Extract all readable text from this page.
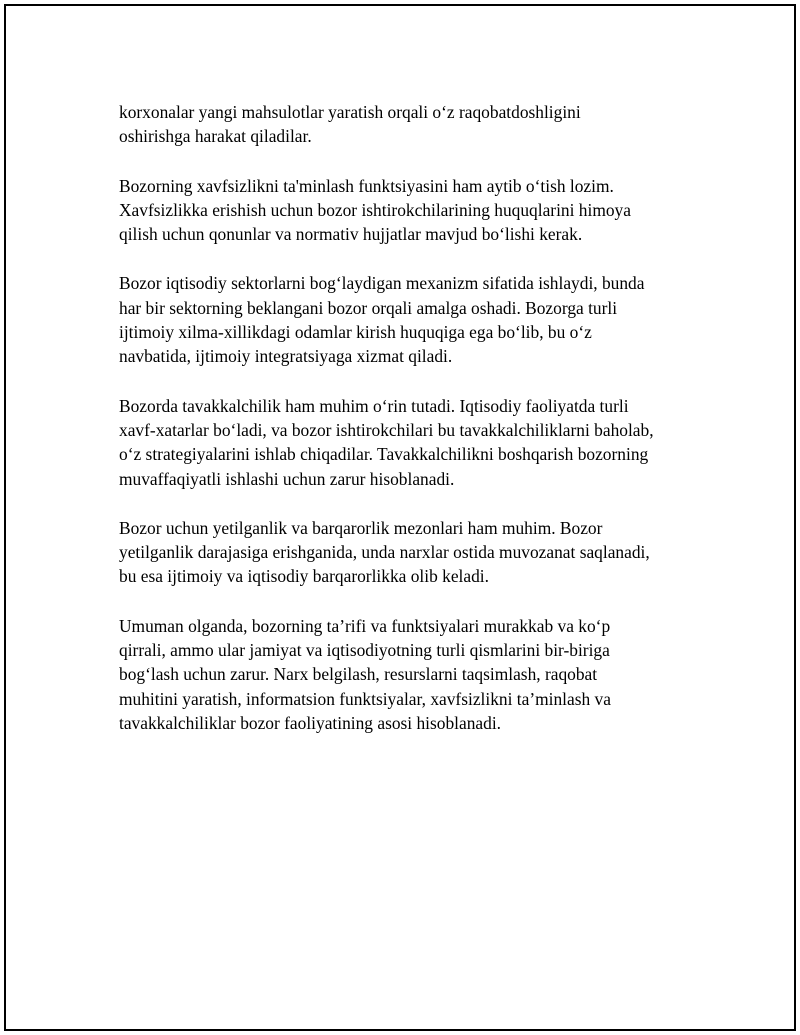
korxonalar yangi mahsulotlar yaratish orqali o‘z raqobatdoshligini
oshirishga harakat qiladilar.

Bozorning xavfsizlikni ta'minlash funktsiyasini ham aytib o‘tish lozim.
Xavfsizlikka erishish uchun bozor ishtirokchilarining huquqlarini himoya
qilish uchun qonunlar va normativ hujjatlar mavjud bo‘lishi kerak.

Bozor iqtisodiy sektorlarni bog‘laydigan mexanizm sifatida ishlaydi, bunda
har bir sektorning beklangani bozor orqali amalga oshadi. Bozorga turli
ijtimoiy xilma-xillikdagi odamlar kirish huquqiga ega bo‘lib, bu o‘z
navbatida, ijtimoiy integratsiyaga xizmat qiladi.

Bozorda tavakkalchilik ham muhim o‘rin tutadi. Iqtisodiy faoliyatda turli
xavf-xatarlar bo‘ladi, va bozor ishtirokchilari bu tavakkalchiliklarni baholab,
o‘z strategiyalarini ishlab chiqadilar. Tavakkalchilikni boshqarish bozorning
muvaffaqiyatli ishlashi uchun zarur hisoblanadi.

Bozor uchun yetilganlik va barqarorlik mezonlari ham muhim. Bozor
yetilganlik darajasiga erishganida, unda narxlar ostida muvozanat saqlanadi,
bu esa ijtimoiy va iqtisodiy barqarorlikka olib keladi.

Umuman olganda, bozorning ta’rifi va funktsiyalari murakkab va ko‘p
qirrali, ammo ular jamiyat va iqtisodiyotning turli qismlarini bir-biriga
bog‘lash uchun zarur. Narx belgilash, resurslarni taqsimlash, raqobat
muhitini yaratish, informatsion funktsiyalar, xavfsizlikni ta’minlash va
tavakkalchiliklar bozor faoliyatining asosi hisoblanadi.
